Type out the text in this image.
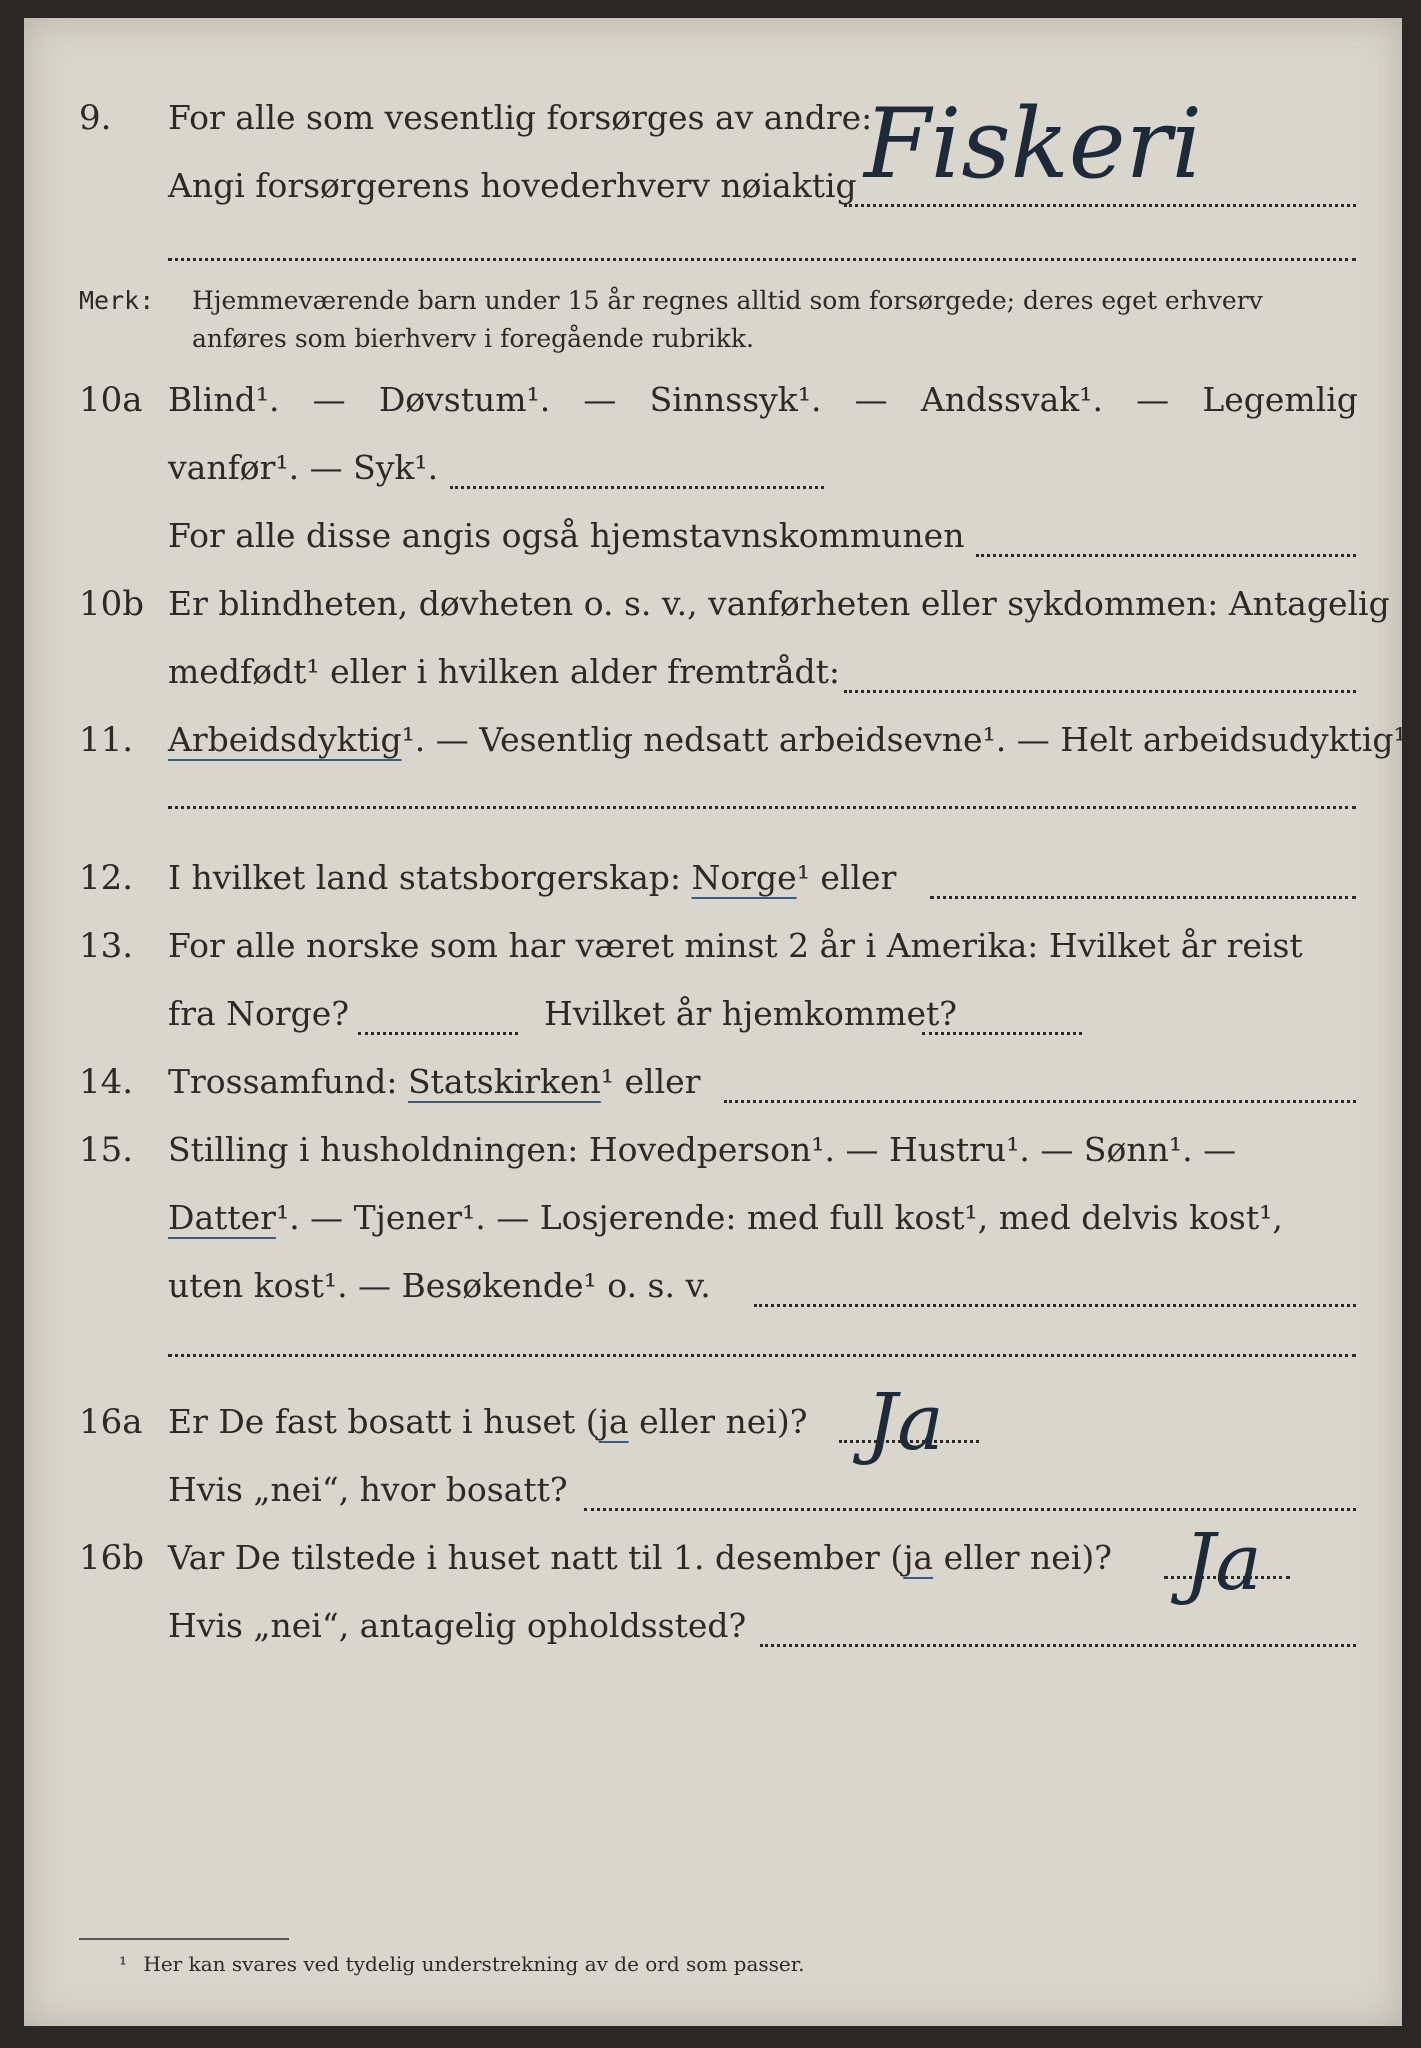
9. For alle som vesentlig forsørges av andre:
Angi forsørgerens hovederhverv nøiaktig Fiskeri
Merk: Hjemmeværende barn under 15 år regnes alltid som forsørgede; deres eget erhverv
anføres som bierhverv i foregående rubrikk.
10a Blind¹. — Døvstum¹. — Sinnssyk¹. — Andssvak¹. — Legemlig
vanfør¹. — Syk¹.
For alle disse angis også hjemstavnskommunen
10b Er blindheten, døvheten o. s. v., vanførheten eller sykdommen: Antagelig
medfødt¹ eller i hvilken alder fremtrådt:
11. Arbeidsdyktig¹. — Vesentlig nedsatt arbeidsevne¹. — Helt arbeidsudyktig¹.
12. I hvilket land statsborgerskap: Norge¹ eller
13. For alle norske som har været minst 2 år i Amerika: Hvilket år reist
fra Norge?	Hvilket år hjemkommet?
14. Trossamfund: Statskirken¹ eller
15. Stilling i husholdningen: Hovedperson¹. — Hustru¹. — Sønn¹. —
Datter¹. — Tjener¹. — Losjerende: med full kost¹, med delvis kost¹,
uten kost¹. — Besøkende¹ o. s. v.
16a Er De fast bosatt i huset (ja eller nei)? Ja
Hvis „nei“, hvor bosatt?
16b Var De tilstede i huset natt til 1. desember (ja eller nei)? Ja
Hvis „nei“, antagelig opholdssted?
¹ Her kan svares ved tydelig understrekning av de ord som passer.
